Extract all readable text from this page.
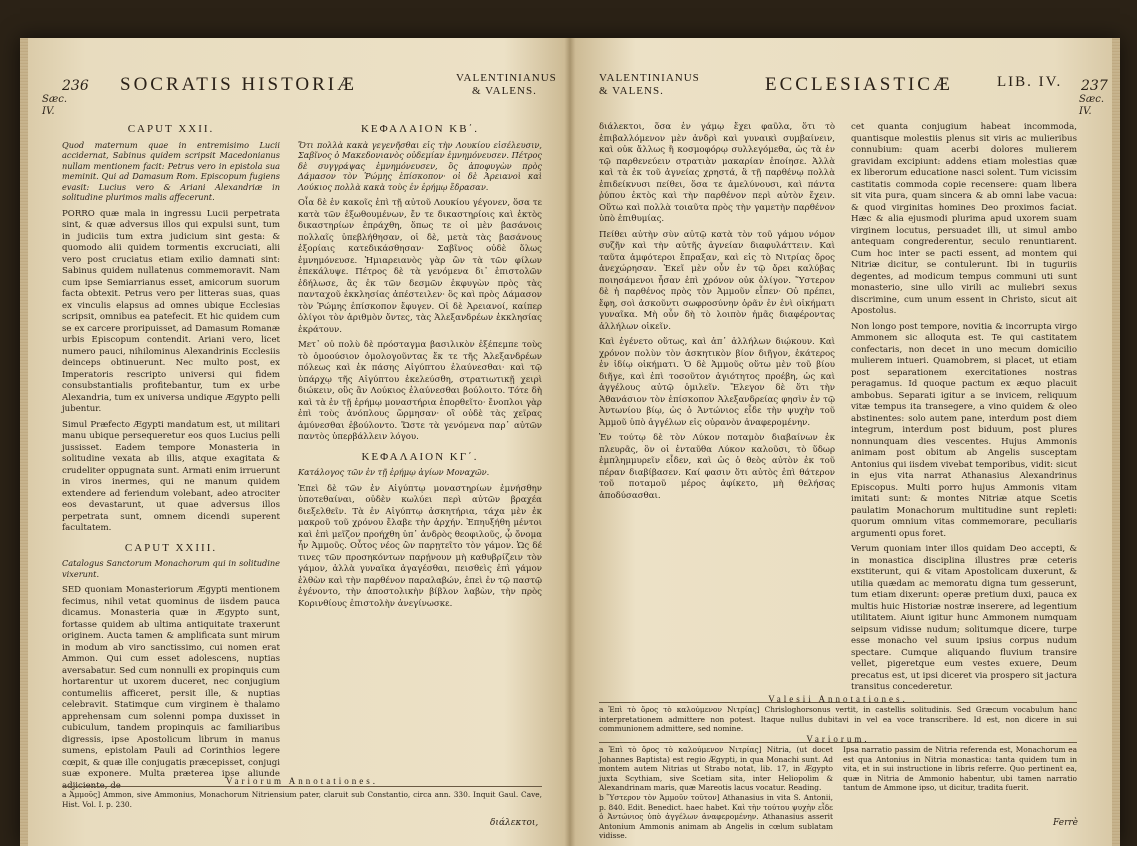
236 SOCRATIS HISTORIÆ	VALENTINIANUS
& VALENS.
Sæc.
IV.
CAPUT XXII.
Quod maternum quae in entremisimo Lucii accidernat, Sabinus quidem scripsit Macedonianus nullam mentionem facit: Petrus vero in epistola sua meminit. Qui ad Damasum Rom. Episcopum fugiens evasit: Lucius vero & Ariani Alexandriæ in solitudine plurimos malis affecerunt.
PORRO quæ mala in ingressu Lucii perpetrata sint, & quæ adversus illos qui expulsi sunt, tum in judiciis tum extra judicium sint gesta: & quomodo alii quidem tormentis excruciati, alii vero post cruciatus etiam exilio damnati sint: Sabinus quidem nullatenus commemoravit. Nam cum ipse Semiarrianus esset, amicorum suorum facta obtexit. Petrus vero per litteras suas, quas ex vinculis elapsus ad omnes ubique Ecclesias scripsit, omnibus ea patefecit. Et hic quidem cum se ex carcere proripuisset, ad Damasum Romanæ urbis Episcopum contendit. Ariani vero, licet numero pauci, nihilominus Alexandrinis Ecclesiis deinceps obtinuerunt. Nec multo post, ex Imperatoris rescripto universi qui fidem consubstantialis profitebantur, tum ex urbe Alexandria, tum ex universa undique Ægypto pelli jubentur.
Simul Præfecto Ægypti mandatum est, ut militari manu ubique persequeretur eos quos Lucius pelli jussisset. Eadem tempore Monasteria in solitudine vexata ab illis, atque exagitata & crudeliter oppugnata sunt. Armati enim irruerunt in viros inermes, qui ne manum quidem extendere ad feriendum volebant, adeo atrociter eos devastarunt, ut quae adversus illos perpetrata sunt, omnem dicendi superent facultatem.
CAPUT XXIII.
Catalogus Sanctorum Monachorum qui in solitudine vixerunt.
SED quoniam Monasteriorum Ægypti mentionem fecimus, nihil vetat quominus de iisdem pauca dicamus. Monasteria quæ in Ægypto sunt, fortasse quidem ab ultima antiquitate traxerunt originem. Aucta tamen & amplificata sunt mirum in modum ab viro sanctissimo, cui nomen erat Ammon. Qui cum esset adolescens, nuptias aversabatur. Sed cum nonnulli ex propinquis cum hortarentur ut uxorem duceret, nec conjugium contumeliis afficeret, persit ille, & nuptias celebravit. Statimque cum virginem è thalamo apprehensam cum solenni pompa duxisset in cubiculum, tandem propinquis ac familiaribus digressis, ipse Apostolicum librum in manus sumens, epistolam Pauli ad Corinthios legere cœpit, & quæ ille conjugatis præcepisset, conjugi suæ exponere. Multa præterea ipse aliunde adjiciente, de
ΚΕΦΑΛΑΙΟΝ ΚΒ΄.
Ὅτι πολλὰ κακὰ γεγενῆσθαι εἰς τὴν Λουκίου εἰσέλευσιν, Σαβῖνος ὁ Μακεδονιανὸς οὐδεμίαν ἐμνημόνευσεν. Πέτρος δὲ συγγράψας ἐμνημόνευσεν, ὃς ἀποφυγὼν πρὸς Δάμασον τὸν Ῥώμης ἐπίσκοπον· οἱ δὲ Ἀρειανοὶ καὶ Λούκιος πολλὰ κακὰ τοὺς ἐν ἐρήμῳ ἔδρασαν.
Οἷα δὲ ἐν κακοῖς ἐπὶ τῇ αὐτοῦ Λουκίου γέγονεν, ὅσα τε κατὰ τῶν ἐξωθουμένων, ἔν τε δικαστηρίοις καὶ ἐκτὸς δικαστηρίων ἐπράχθη, ὅπως τε οἱ μὲν βασάνοις πολλαῖς ὑπεβλήθησαν, οἱ δὲ, μετὰ τὰς βασάνους ἐξορίαις κατεδικάσθησαν· Σαβῖνος οὐδὲ ὅλως ἐμνημόνευσε. Ἡμιαρειανὸς γὰρ ὢν τὰ τῶν φίλων ἐπεκάλυψε. Πέτρος δὲ τὰ γενόμενα δι᾽ ἐπιστολῶν ἐδήλωσε, ἃς ἐκ τῶν δεσμῶν ἐκφυγὼν πρὸς τὰς πανταχοῦ ἐκκλησίας ἀπέστειλεν· ὃς καὶ πρὸς Δάμασον τὸν Ῥώμης ἐπίσκοπον ἔφυγεν. Οἱ δὲ Ἀρειανοί, καίπερ ὀλίγοι τὸν ἀριθμὸν ὄντες, τὰς Ἀλεξανδρέων ἐκκλησίας ἐκράτουν.
Μετ᾽ οὐ πολὺ δὲ πρόσταγμα βασιλικὸν ἐξέπεμπε τοὺς τὸ ὁμοούσιον ὁμολογοῦντας ἔκ τε τῆς Ἀλεξανδρέων πόλεως καὶ ἐκ πάσης Αἰγύπτου ἐλαύνεσθαι· καὶ τῷ ὑπάρχῳ τῆς Αἰγύπτου ἐκελεύσθη, στρατιωτικῇ χειρὶ διώκειν, οὓς ἂν Λούκιος ἐλαύνεσθαι βούλοιτο. Τότε δὴ καὶ τὰ ἐν τῇ ἐρήμῳ μοναστήρια ἐπορθεῖτο· ἔνοπλοι γὰρ ἐπὶ τοὺς ἀνόπλους ὥρμησαν· οἳ οὐδὲ τὰς χεῖρας ἀμύνεσθαι ἐβούλοντο. Ὥστε τὰ γενόμενα παρ᾽ αὐτῶν παντὸς ὑπερβάλλειν λόγου.
ΚΕΦΑΛΑΙΟΝ ΚΓ΄.
Κατάλογος τῶν ἐν τῇ ἐρήμῳ ἁγίων Μοναχῶν.
Ἐπεὶ δὲ τῶν ἐν Αἰγύπτῳ μοναστηρίων ἐμνήσθην ὑποτεθαίναι, οὐδὲν κωλύει περὶ αὐτῶν βραχέα διεξελθεῖν. Τὰ ἐν Αἰγύπτῳ ἀσκητήρια, τάχα μὲν ἐκ μακροῦ τοῦ χρόνου ἔλαβε τὴν ἀρχήν. Ἐπηυξήθη μέντοι καὶ ἐπὶ μεῖζον προήχθη ὑπ᾽ ἀνδρὸς θεοφιλοῦς, ᾧ ὄνομα ἦν Ἀμμοῦς. Οὗτος νέος ὢν παρῃτεῖτο τὸν γάμον. Ὡς δέ τινες τῶν προσηκόντων παρῄνουν μὴ καθυβρίζειν τὸν γάμον, ἀλλὰ γυναῖκα ἀγαγέσθαι, πεισθεὶς ἐπὶ γάμον ἐλθὼν καὶ τὴν παρθένον παραλαβών, ἐπεὶ ἐν τῷ παστῷ ἐγένοντο, τὴν ἀποστολικὴν βίβλον λαβὼν, τὴν πρὸς Κορινθίους ἐπιστολὴν ἀνεγίνωσκε.
Variorum Annotationes.
a Ἀμμοῦς] Ammon, sive Ammonius, Monachorum Nitriensium pater, claruit sub Constantio, circa ann. 330. Inquit Gaul. Cave, Hist. Vol. I. p. 230.
διάλεκτοι,
VALENTINIANUS
& VALENS.	ECCLESIASTICÆ	LIB. IV. 237
Sæc.
IV.
διάλεκτοι, ὅσα ἐν γάμῳ ἔχει φαῦλα, ὅτι τὸ ἐπιβαλλόμενον μὲν ἀνδρὶ καὶ γυναικὶ συμβαίνειν, καὶ οὐκ ἄλλως ἢ κοσμοφόρῳ συλλεγόμεθα, ὡς τὰ ἐν τῷ παρθενεύειν στρατιὰν μακαρίαν ἐποίησε. Ἀλλὰ καὶ τὰ ἐκ τοῦ ἀγνείας χρηστά, ἃ τῇ παρθένῳ πολλὰ ἐπιδείκνυσι πείθει, ὅσα τε ἀμελύνουσι, καὶ πάντα ῥύπου ἐκτὸς καὶ τὴν παρθένον περὶ αὐτὸν ἔχειν. Οὕτω καὶ πολλὰ τοιαῦτα πρὸς τὴν γαμετὴν παρθένον ὑπὸ ἐπιθυμίας.
Πείθει αὐτὴν σὺν αὐτῷ κατὰ τὸν τοῦ γάμου νόμον συζῆν καὶ τὴν αὐτῆς ἀγνείαν διαφυλάττειν. Καὶ ταῦτα ἀμφότεροι ἔπραξαν, καὶ εἰς τὸ Νιτρίας ὄρος ἀνεχώρησαν. Ἐκεῖ μὲν οὖν ἐν τῷ ὄρει καλύβας ποιησάμενοι ἦσαν ἐπὶ χρόνον οὐκ ὀλίγον. Ὕστερον δὲ ἡ παρθένος πρὸς τὸν Ἀμμοῦν εἶπεν· Οὐ πρέπει, ἔφη, σοὶ ἀσκοῦντι σωφροσύνην ὁρᾶν ἐν ἑνὶ οἰκήματι γυναῖκα. Μὴ οὖν δὴ τὸ λοιπὸν ἡμᾶς διαφέροντας ἀλλήλων οἰκεῖν.
Καὶ ἐγένετο οὕτως, καὶ ἀπ᾽ ἀλλήλων διῴκουν. Καὶ χρόνον πολὺν τὸν ἀσκητικὸν βίον διῆγον, ἑκάτερος ἐν ἰδίῳ οἰκήματι. Ὁ δὲ Ἀμμοῦς οὕτω μὲν τοῦ βίου διῆγε, καὶ ἐπὶ τοσοῦτον ἁγιότητος προέβη, ὡς καὶ ἀγγέλους αὐτῷ ὁμιλεῖν. Ἔλεγον δὲ ὅτι τὴν Ἀθανάσιον τὸν ἐπίσκοπον Ἀλεξανδρείας φησὶν ἐν τῷ Ἀντωνίου βίῳ, ὡς ὁ Ἀντώνιος εἶδε τὴν ψυχὴν τοῦ Ἀμμοῦ ὑπὸ ἀγγέλων εἰς οὐρανὸν ἀναφερομένην.
Ἐν τούτῳ δὲ τὸν Λύκον ποταμὸν διαβαίνων ἐκ πλευρᾶς, ὃν οἱ ἐνταῦθα Λύκον καλοῦσι, τὸ ὕδωρ ἐμπλημμυρεῖν εἶδεν, καὶ ὡς ὁ θεὸς αὐτὸν ἐκ τοῦ πέραν διαβίβασεν. Καί φασιν ὅτι αὐτὸς ἐπὶ θάτερον τοῦ ποταμοῦ μέρος ἀφίκετο, μὴ θελήσας ἀποδύσασθαι.
cet quanta conjugium habeat incommoda, quantisque molestiis plenus sit viris ac mulieribus connubium: quam acerbi dolores mulierem gravidam excipiunt: addens etiam molestias quæ ex liberorum educatione nasci solent. Tum vicissim castitatis commoda copie recensere: quam libera sit vita pura, quam sincera & ab omni labe vacua: & quod virginitas homines Deo proximos faciat. Hæc & alia ejusmodi plurima apud uxorem suam virginem locutus, persuadet illi, ut simul ambo antequam congrederentur, seculo renuntiarent. Cum hoc inter se pacti essent, ad montem qui Nitriæ dicitur, se contulerunt. Ibi in tuguriis degentes, ad modicum tempus communi uti sunt monasterio, sine ullo virili ac muliebri sexus discrimine, cum unum essent in Christo, sicut ait Apostolus.
Non longo post tempore, novitia & incorrupta virgo Ammonem sic alloquta est. Te qui castitatem confectaris, non decet in uno mecum domicilio mulierem intueri. Quamobrem, si placet, ut etiam post separationem exercitationes nostras peragamus. Id quoque pactum ex æquo placuit ambobus. Separati igitur a se invicem, reliquum vitæ tempus ita transegere, a vino quidem & oleo abstinentes: solo autem pane, interdum post diem integrum, interdum post biduum, post plures nonnunquam dies vescentes. Hujus Ammonis animam post obitum ab Angelis susceptam Antonius qui iisdem vivebat temporibus, vidit: sicut in ejus vita narrat Athanasius Alexandrinus Episcopus. Multi porro hujus Ammonis vitam imitati sunt: & montes Nitriæ atque Scetis paulatim Monachorum multitudine sunt repleti: quorum omnium vitas commemorare, peculiaris argumenti opus foret.
Verum quoniam inter illos quidam Deo accepti, & in monastica disciplina illustres præ ceteris exstiterunt, qui & vitam Apostolicam duxerunt, & utilia quædam ac memoratu digna tum gesserunt, tum etiam dixerunt: operæ pretium duxi, pauca ex multis huic Historiæ nostræ inserere, ad legentium utilitatem. Aiunt igitur hunc Ammonem numquam seipsum vidisse nudum; solitumque dicere, turpe esse monacho vel suum ipsius corpus nudum spectare. Cumque aliquando fluvium transire vellet, pigeretque eum vestes exuere, Deum precatus est, ut ipsi diceret via prospero sit jactura transitus concederetur.
Valesii Annotationes.
a Ἐπὶ τὸ ὄρος τὸ καλούμενον Νιτρίας] Chrisloghorsonus vertit, in castellis solitudinis. Sed Græcum vocabulum hanc interpretationem admittere non potest. Itaque nullus dubitavi in vel ea voce transcribere. Id est, non dicere in sui communionem admittere, sed nomine.
Variorum.
a Ἐπὶ τὸ ὄρος τὸ καλούμενον Νιτρίας] Nitria, (ut docet Johannes Baptista) est regio Ægypti, in qua Monachi sunt. Ad montem autem Nitrias ut Strabo notat, lib. 17, in Ægypto juxta Scythiam, sive Scetiam sita, inter Heliopolim & Alexandrinam maris, quæ Mareotis lacus vocatur. Reading.
b Ὕστερον τὸν Ἀμμοῦν τοῦτον] Athanasius in vita S. Antonii, p. 840. Edit. Benedict. haec habet. Καὶ τὴν τούτου ψυχὴν εἶδε ὁ Ἀντώνιος ὑπὸ ἀγγέλων ἀναφερομένην. Athanasius asserit Antonium Ammonis animam ab Angelis in cœlum sublatam vidisse.
Ipsa narratio passim de Nitria referenda est, Monachorum ea est qua Antonius in Nitria monastica: tanta quidem tum in vita, et in sui instructione in libris referre. Quo pertinent ea, quæ in Nitria de Ammonio habentur, ubi tamen narratio tantum de Ammone ipso, ut dicitur, tradita fuerit.
Ferrè
